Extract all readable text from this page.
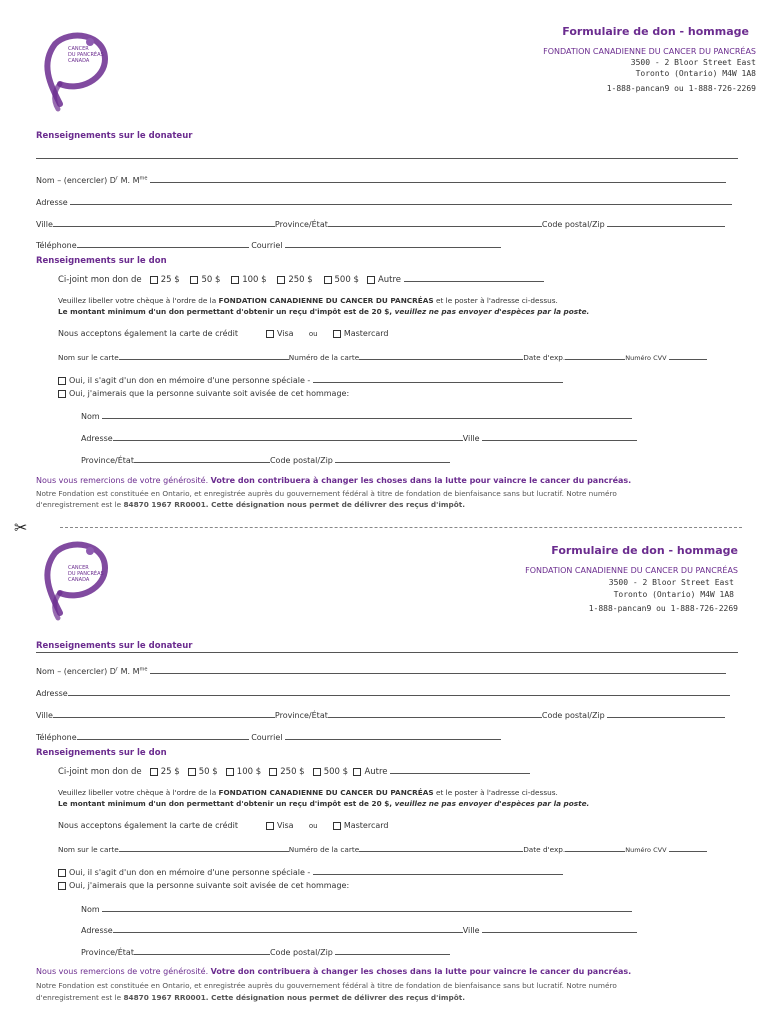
CANCER
DU PANCRÉAS
CANADA
Formulaire de don - hommage
FONDATION CANADIENNE DU CANCER DU PANCRÉAS
3500 - 2 Bloor Street East
Toronto (Ontario) M4W 1A8
1-888-pancan9 ou 1-888-726-2269
Renseignements sur le donateur
Nom – (encercler) $D^r$ M. $M^{me}$
Adresse
Ville	Province/État	Code postal/Zip
Téléphone	Courriel
Renseignements sur le don
Ci-joint mon don de 25 $	50 $	100 $	250 $	500 $ Autre
Veuillez libeller votre chèque à l'ordre de la FONDATION CANADIENNE DU CANCER DU PANCRÉAS et le poster à l'adresse ci-dessus.
Le montant minimum d'un don permettant d'obtenir un reçu d'impôt est de 20 $, veuillez ne pas envoyer d'espèces par la poste.
Nous acceptons également la carte de crédit	Visa ou	Mastercard
Nom sur le carte	Numéro de la carte	Date d'exp.	Numéro CVV
Oui, il s'agit d'un don en mémoire d'une personne spéciale -
Oui, j'aimerais que la personne suivante soit avisée de cet hommage:
Nom
Adresse	Ville
Province/État	Code postal/Zip
Nous vous remercions de votre générosité. Votre don contribuera à changer les choses dans la lutte pour vaincre le cancer du pancréas.
Notre Fondation est constituée en Ontario, et enregistrée auprès du gouvernement fédéral à titre de fondation de bienfaisance sans but lucratif. Notre numéro
d'enregistrement est le 84870 1967 RR0001. Cette désignation nous permet de délivrer des reçus d'impôt.
✂
CANCER
DU PANCRÉAS
CANADA
Formulaire de don - hommage
FONDATION CANADIENNE DU CANCER DU PANCRÉAS
3500 - 2 Bloor Street East
Toronto (Ontario) M4W 1A8
1-888-pancan9 ou 1-888-726-2269
Renseignements sur le donateur
Nom – (encercler) $D^r$ M. $M^{me}$
Adresse
Ville	Province/État	Code postal/Zip
Téléphone	Courriel
Renseignements sur le don
Ci-joint mon don de 25 $ 50 $ 100 $ 250 $ 500 $ Autre
Veuillez libeller votre chèque à l'ordre de la FONDATION CANADIENNE DU CANCER DU PANCRÉAS et le poster à l'adresse ci-dessus.
Le montant minimum d'un don permettant d'obtenir un reçu d'impôt est de 20 $, veuillez ne pas envoyer d'espèces par la poste.
Nous acceptons également la carte de crédit	Visa ou	Mastercard
Nom sur le carte	Numéro de la carte	Date d'exp.	Numéro CVV
Oui, il s'agit d'un don en mémoire d'une personne spéciale -
Oui, j'aimerais que la personne suivante soit avisée de cet hommage:
Nom
Adresse	Ville
Province/État	Code postal/Zip
Nous vous remercions de votre générosité. Votre don contribuera à changer les choses dans la lutte pour vaincre le cancer du pancréas.
Notre Fondation est constituée en Ontario, et enregistrée auprès du gouvernement fédéral à titre de fondation de bienfaisance sans but lucratif. Notre numéro
d'enregistrement est le 84870 1967 RR0001. Cette désignation nous permet de délivrer des reçus d'impôt.
